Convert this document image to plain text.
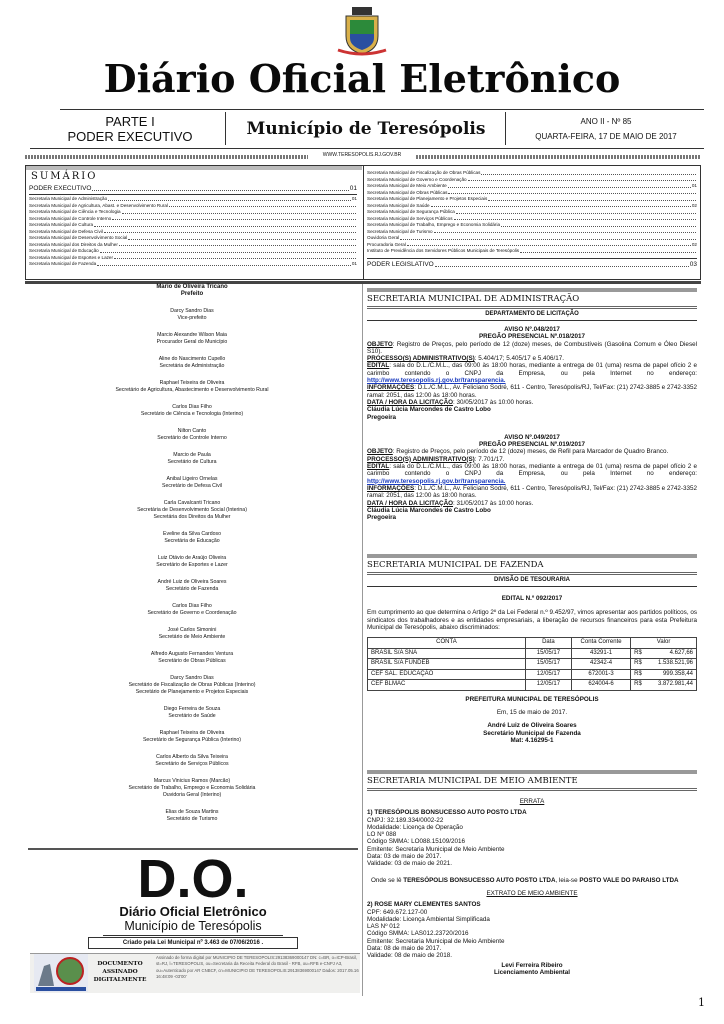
Diário Oficial Eletrônico
PARTE I
PODER EXECUTIVO	Município de Teresópolis	ANO II - Nº 85
QUARTA-FEIRA, 17 DE MAIO DE 2017
WWW.TERESOPOLIS.RJ.GOV.BR
SUMÁRIO
PODER EXECUTIVO	01
Secretaria Municipal de Administração	01
Secretaria Municipal de Agricultura, Abast. e Desenvolvimento Rural
Secretaria Municipal de Ciência e Tecnologia
Secretaria Municipal de Controle Interno
Secretaria Municipal de Cultura
Secretaria Municipal de Defesa Civil
Secretaria Municipal de Desenvolvimento Social
Secretaria Municipal dos Direitos da Mulher
Secretaria Municipal de Educação
Secretaria Municipal de Esportes e Lazer
Secretaria Municipal de Fazenda	01
Secretaria Municipal de Fiscalização de Obras Públicas
Secretaria Municipal de Governo e Coordenação
Secretaria Municipal de Meio Ambiente	01
Secretaria Municipal de Obras Públicas
Secretaria Municipal de Planejamento e Projetos Especiais
Secretaria Municipal de Saúde	02
Secretaria Municipal de Segurança Pública
Secretaria Municipal de Serviços Públicos
Secretaria Municipal de Trabalho, Emprego e Economia Solidária
Secretaria Municipal de Turismo
Ouvidoria Geral
Procuradoria Geral	02
Instituto de Previdência dos Servidores Públicos Municipais de Teresópolis
PODER LEGISLATIVO	03
Mario de Oliveira Tricano
Prefeito
Darcy Sandro Dias
Vice-prefeito
Marcio Alexandre Wilson Maia
Procurador Geral do Município
Aline do Nascimento Cupello
Secretária de Administração
Raphael Teixeira de Oliveira
Secretário de Agricultura, Abastecimento e Desenvolvimento Rural
Carlos Dias Filho
Secretário de Ciência e Tecnologia (Interino)
Nilton Canto
Secretário de Controle Interno
Marcio de Paula
Secretário de Cultura
Anibal Ligeiro Ornelas
Secretário de Defesa Civil
Carla Cavalcanti Tricano
Secretária de Desenvolvimento Social (Interina)
Secretária dos Direitos da Mulher
Eveline da Silva Cardoso
Secretária de Educação
Luiz Otávio de Araújo Oliveira
Secretário de Esportes e Lazer
André Luiz de Oliveira Soares
Secretário de Fazenda
Carlos Dias Filho
Secretário de Governo e Coordenação
José Carlos Simonini
Secretário de Meio Ambiente
Alfredo Augusto Fernandes Ventura
Secretário de Obras Públicas
Darcy Sandro Dias
Secretário de Fiscalização de Obras Públicas (Interino)
Secretário de Planejamento e Projetos Especiais
Diego Ferreira de Souza
Secretário de Saúde
Raphael Teixeira de Oliveira
Secretário de Segurança Pública (Interino)
Carlos Alberto da Silva Teixeira
Secretário de Serviços Públicos
Marcus Vinicius Ramos (Marcão)
Secretário de Trabalho, Emprego e Economia Solidária
Ouvidoria Geral (Interino)
Elias de Souza Martins
Secretário de Turismo
D.O.
Diário Oficial Eletrônico
Município de Teresópolis
Criado pela Lei Municipal nº 3.463 de 07/06/2016 .
DOCUMENTO ASSINADO DIGITALMENTE
Assinado de forma digital por MUNICIPIO DE TERESOPOLIS:29138369000147 DN: c=BR, o=ICP-Brasil, st=RJ, l=TERESOPOLIS, ou=Secretaria da Receita Federal do Brasil - RFB, ou=RFB e-CNPJ A3, ou=Autenticado por AR CNBCF, cn=MUNICIPIO DE TERESOPOLIS:29138369000147 Dados: 2017.05.16 16:48:09 -03'00'
SECRETARIA MUNICIPAL DE ADMINISTRAÇÃO
DEPARTAMENTO DE LICITAÇÃO
AVISO Nº.048/2017
PREGÃO PRESENCIAL Nº.018/2017
OBJETO: Registro de Preços, pelo período de 12 (doze) meses, de Combustíveis (Gasolina Comum e Óleo Diesel S10).
PROCESSO(S) ADMINISTRATIVO(S): 5.404/17; 5.405/17 e 5.406/17.
EDITAL: sala do D.L./C.M.L., das 09:00 às 18:00 horas, mediante a entrega de 01 (uma) resma de papel ofício 2 e carimbo contendo o CNPJ da Empresa, ou pela Internet no endereço: http://www.teresopolis.rj.gov.br/transparencia.
INFORMAÇÕES: D.L./C.M.L., Av. Feliciano Sodré, 611 - Centro, Teresópolis/RJ, Tel/Fax: (21) 2742-3885 e 2742-3352 ramal: 2051, das 12:00 às 18:00 horas.
DATA / HORA DA LICITAÇÃO: 30/05/2017 às 10:00 horas.
Cláudia Lúcia Marcondes de Castro Lobo
Pregoeira
AVISO Nº.049/2017
PREGÃO PRESENCIAL Nº.019/2017
OBJETO: Registro de Preços, pelo período de 12 (doze) meses, de Refil para Marcador de Quadro Branco.
PROCESSO(S) ADMINISTRATIVO(S): 7.701/17.
EDITAL: sala do D.L./C.M.L., das 09:00 às 18:00 horas, mediante a entrega de 01 (uma) resma de papel ofício 2 e carimbo contendo o CNPJ da Empresa, ou pela Internet no endereço: http://www.teresopolis.rj.gov.br/transparencia.
INFORMAÇÕES: D.L./C.M.L., Av. Feliciano Sodré, 611 - Centro, Teresópolis/RJ, Tel/Fax: (21) 2742-3885 e 2742-3352 ramal: 2051, das 12:00 às 18:00 horas.
DATA / HORA DA LICITAÇÃO: 31/05/2017 às 10:00 horas.
Cláudia Lúcia Marcondes de Castro Lobo
Pregoeira
SECRETARIA MUNICIPAL DE FAZENDA
DIVISÃO DE TESOURARIA
EDITAL N.º 092/2017
Em cumprimento ao que determina o Artigo 2º da Lei Federal n.º 9.452/97, vimos apresentar aos partidos políticos, os sindicatos dos trabalhadores e as entidades empresariais, a liberação de recursos financeiros para esta Prefeitura Municipal de Teresópolis, abaixo discriminados:
CONTA	Data	Conta Corrente	Valor	
BRASIL S/A SNA	15/05/17	43291-1	R$	4.627,66
BRASIL S/A FUNDEB	15/05/17	42342-4	R$	1.538.521,96
CEF SAL. EDUCAÇÃO	12/05/17	672001-3	R$	999.358,44
CEF BLMAC	12/05/17	624004-6	R$	3.872.981,44
PREFEITURA MUNICIPAL DE TERESÓPOLIS
Em, 15 de maio de 2017.
André Luiz de Oliveira Soares
Secretário Municipal de Fazenda
Mat: 4.16295-1
SECRETARIA MUNICIPAL DE MEIO AMBIENTE
ERRATA
1) TERESÓPOLIS BONSUCESSO AUTO POSTO LTDA
CNPJ: 32.189.334/0002-22
Modalidade: Licença de Operação
LO Nº 088
Código SMMA: LO088.15109/2016
Emitente: Secretaria Municipal de Meio Ambiente
Data: 03 de maio de 2017.
Validade: 03 de maio de 2021.
Onde se lê TERESÓPOLIS BONSUCESSO AUTO POSTO LTDA, leia-se POSTO VALE DO PARAISO LTDA
EXTRATO DE MEIO AMBIENTE
2) ROSE MARY CLEMENTES SANTOS
CPF: 649.672.127-00
Modalidade: Licença Ambiental Simplificada
LAS Nº 012
Código SMMA: LAS012.23720/2016
Emitente: Secretaria Municipal de Meio Ambiente
Data: 08 de maio de 2017.
Validade: 08 de maio de 2018.
Levi Ferreira Ribeiro
Licenciamento Ambiental
1
